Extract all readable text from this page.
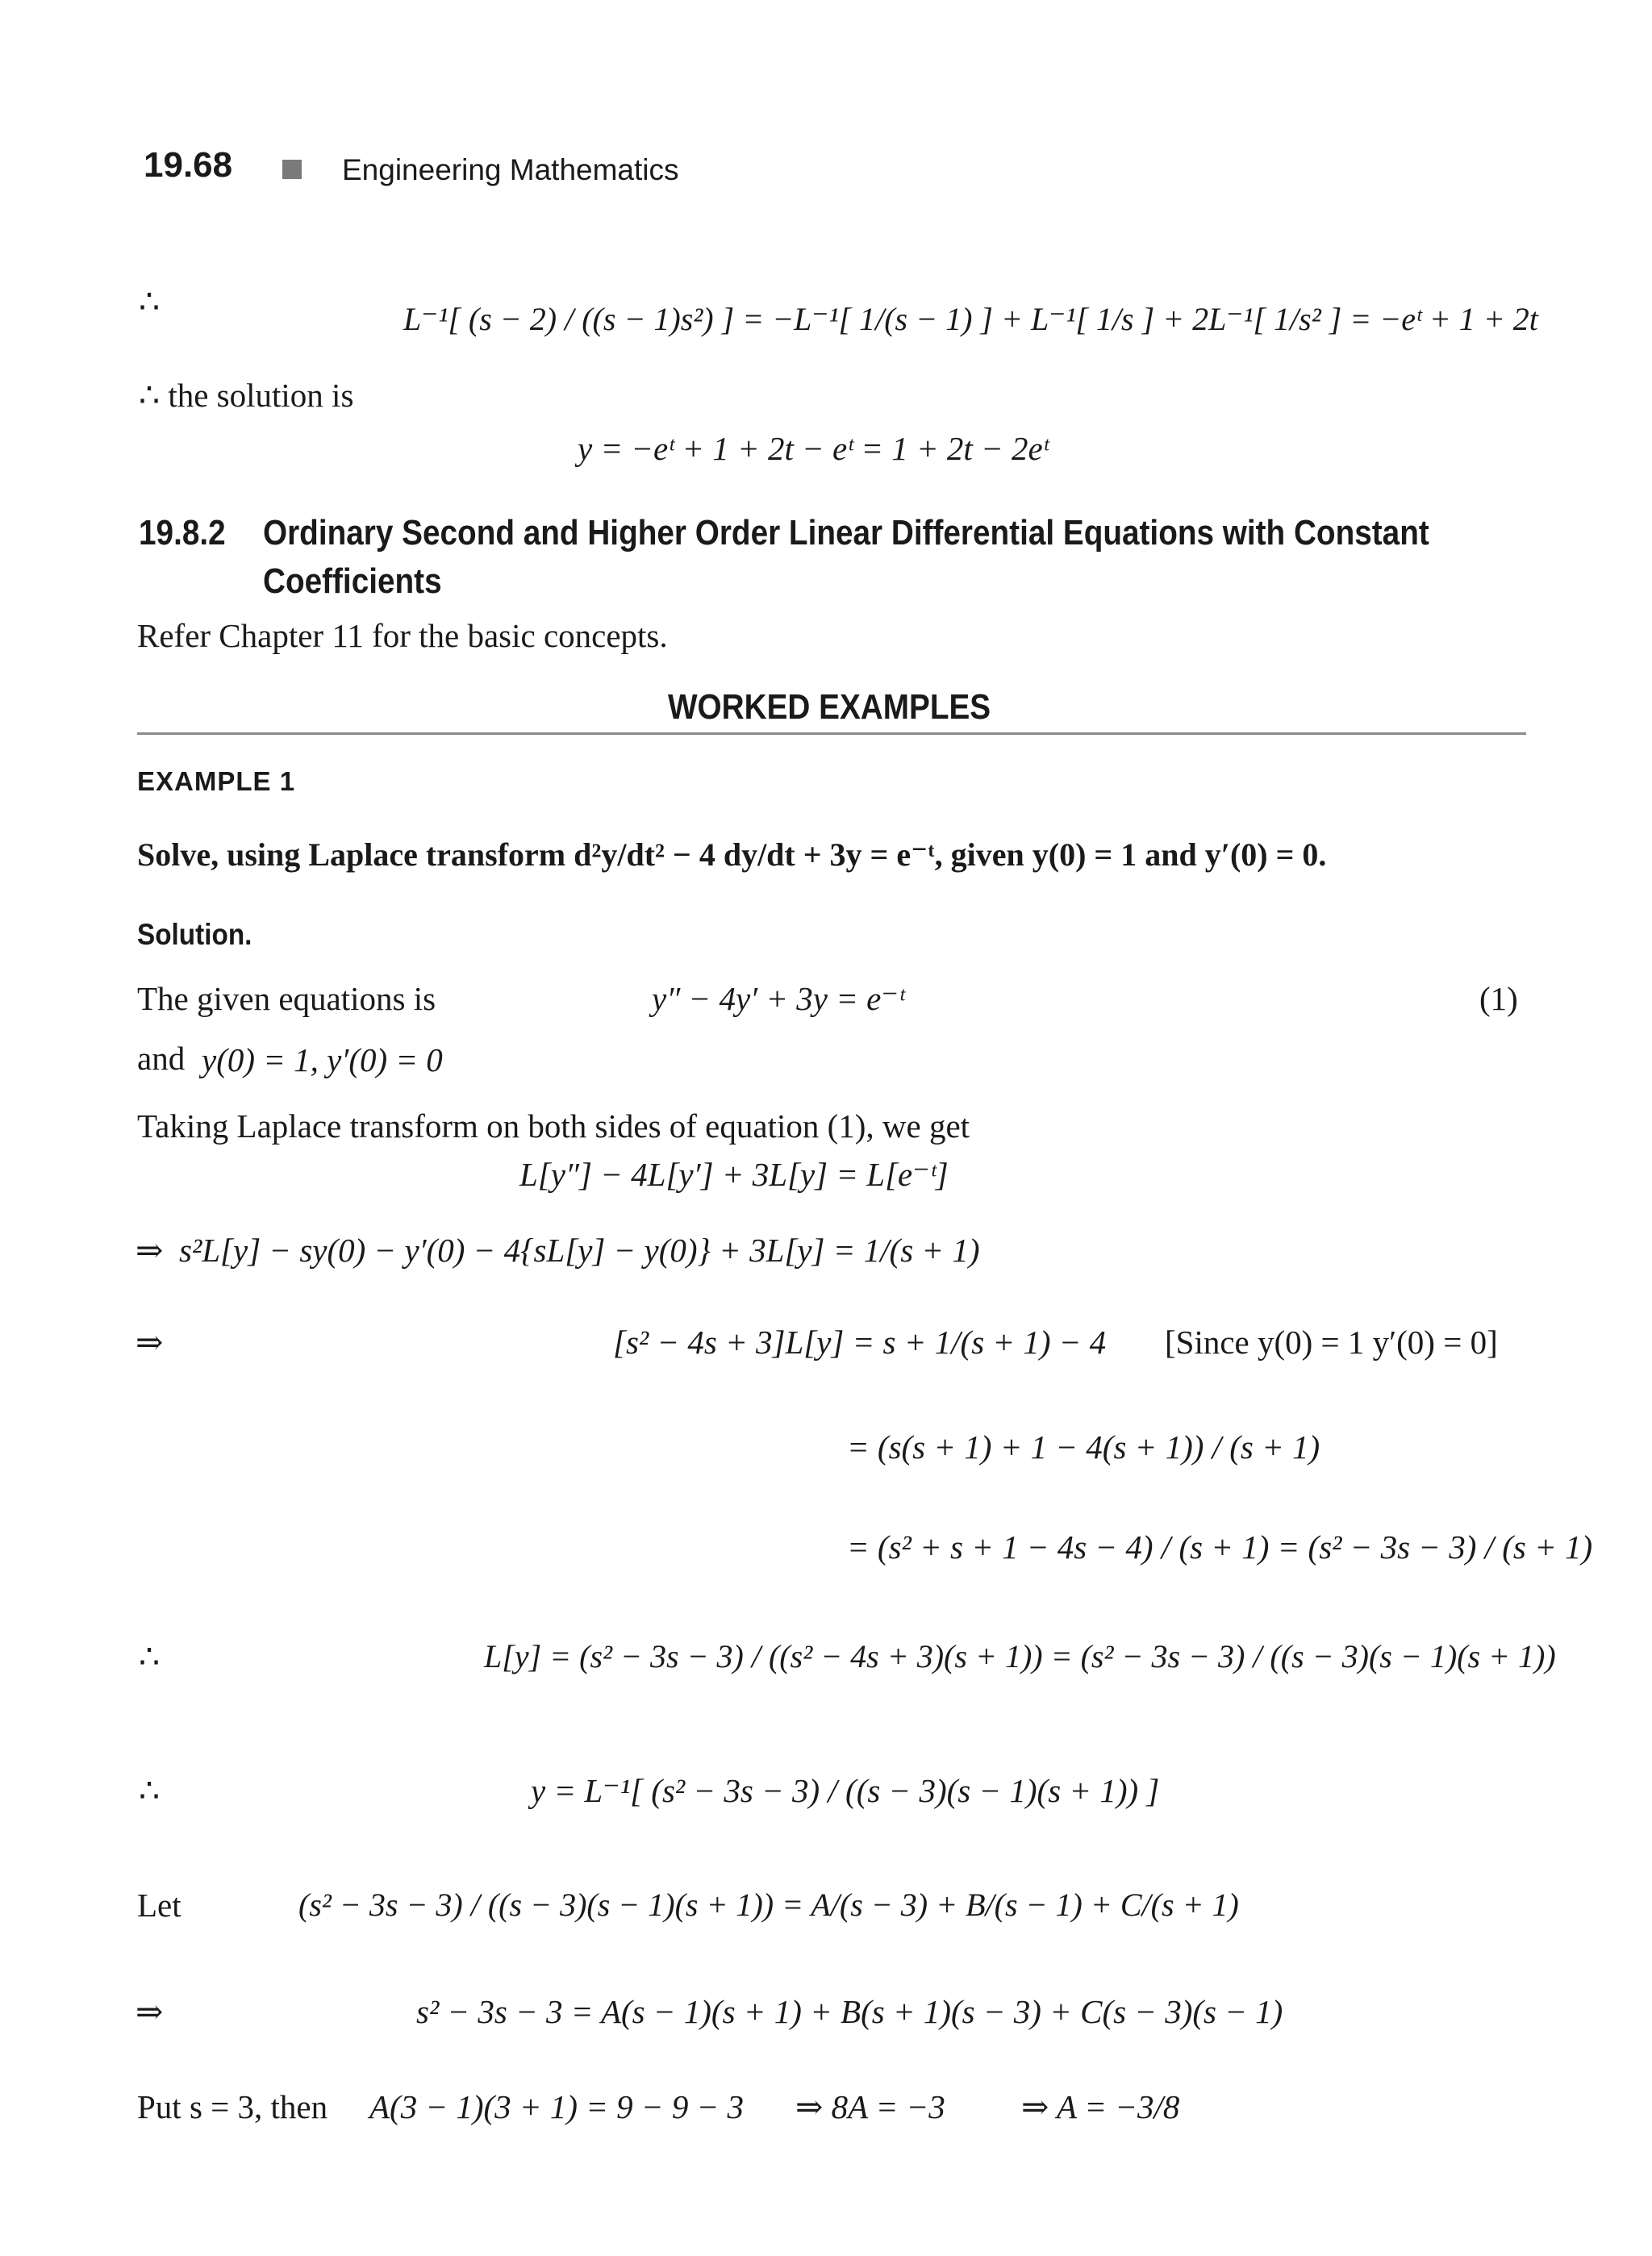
19.68	Engineering Mathematics
∴	L⁻¹[ (s − 2) / ((s − 1)s²) ] = −L⁻¹[ 1/(s − 1) ] + L⁻¹[ 1/s ] + 2L⁻¹[ 1/s² ] = −eᵗ + 1 + 2t
∴ the solution is
y = −eᵗ + 1 + 2t − eᵗ = 1 + 2t − 2eᵗ
19.8.2 Ordinary Second and Higher Order Linear Differential Equations with Constant
Coefficients
Refer Chapter 11 for the basic concepts.
WORKED EXAMPLES
EXAMPLE 1
Solve, using Laplace transform d²y/dt² − 4 dy/dt + 3y = e⁻ᵗ, given y(0) = 1 and y′(0) = 0.
Solution.
The given equations is	y″ − 4y′ + 3y = e⁻ᵗ	(1)
and y(0) = 1, y′(0) = 0
Taking Laplace transform on both sides of equation (1), we get
L[y″] − 4L[y′] + 3L[y] = L[e⁻ᵗ]
⇒ s²L[y] − sy(0) − y′(0) − 4{sL[y] − y(0)} + 3L[y] = 1/(s + 1)
⇒	[s² − 4s + 3]L[y] = s + 1/(s + 1) − 4 [Since y(0) = 1 y′(0) = 0]
= (s(s + 1) + 1 − 4(s + 1)) / (s + 1)
= (s² + s + 1 − 4s − 4) / (s + 1) = (s² − 3s − 3) / (s + 1)
∴	L[y] = (s² − 3s − 3) / ((s² − 4s + 3)(s + 1)) = (s² − 3s − 3) / ((s − 3)(s − 1)(s + 1))
∴	y = L⁻¹[ (s² − 3s − 3) / ((s − 3)(s − 1)(s + 1)) ]
Let	(s² − 3s − 3) / ((s − 3)(s − 1)(s + 1)) = A/(s − 3) + B/(s − 1) + C/(s + 1)
⇒	s² − 3s − 3 = A(s − 1)(s + 1) + B(s + 1)(s − 3) + C(s − 3)(s − 1)
Put s = 3, then A(3 − 1)(3 + 1) = 9 − 9 − 3 ⇒ 8A = −3 ⇒ A = −3/8
